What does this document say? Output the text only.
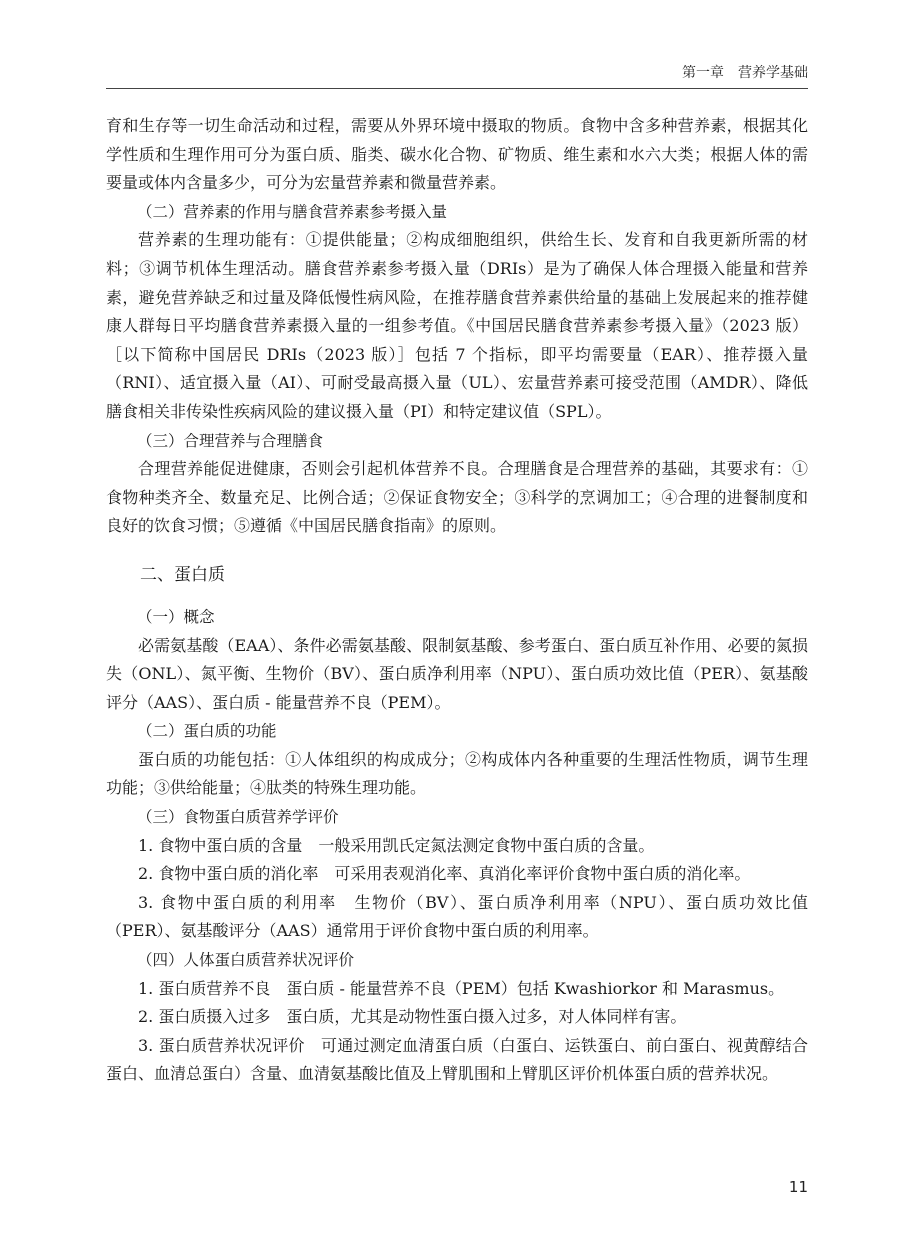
第一章　营养学基础

育和生存等一切生命活动和过程，需要从外界环境中摄取的物质。食物中含多种营养素，根据其化学性质和生理作用可分为蛋白质、脂类、碳水化合物、矿物质、维生素和水六大类；根据人体的需要量或体内含量多少，可分为宏量营养素和微量营养素。

（二）营养素的作用与膳食营养素参考摄入量

营养素的生理功能有：①提供能量；②构成细胞组织，供给生长、发育和自我更新所需的材料；③调节机体生理活动。膳食营养素参考摄入量（DRIs）是为了确保人体合理摄入能量和营养素，避免营养缺乏和过量及降低慢性病风险，在推荐膳食营养素供给量的基础上发展起来的推荐健康人群每日平均膳食营养素摄入量的一组参考值。《中国居民膳食营养素参考摄入量》（2023 版）［以下简称中国居民 DRIs（2023 版）］包括 7 个指标，即平均需要量（EAR）、推荐摄入量（RNI）、适宜摄入量（AI）、可耐受最高摄入量（UL）、宏量营养素可接受范围（AMDR）、降低膳食相关非传染性疾病风险的建议摄入量（PI）和特定建议值（SPL）。

（三）合理营养与合理膳食

合理营养能促进健康，否则会引起机体营养不良。合理膳食是合理营养的基础，其要求有：①食物种类齐全、数量充足、比例合适；②保证食物安全；③科学的烹调加工；④合理的进餐制度和良好的饮食习惯；⑤遵循《中国居民膳食指南》的原则。

二、蛋白质
（一）概念

必需氨基酸（EAA）、条件必需氨基酸、限制氨基酸、参考蛋白、蛋白质互补作用、必要的氮损失（ONL）、氮平衡、生物价（BV）、蛋白质净利用率（NPU）、蛋白质功效比值（PER）、氨基酸评分（AAS）、蛋白质 - 能量营养不良（PEM）。

（二）蛋白质的功能

蛋白质的功能包括：①人体组织的构成成分；②构成体内各种重要的生理活性物质，调节生理功能；③供给能量；④肽类的特殊生理功能。

（三）食物蛋白质营养学评价

1. 食物中蛋白质的含量　一般采用凯氏定氮法测定食物中蛋白质的含量。

2. 食物中蛋白质的消化率　可采用表观消化率、真消化率评价食物中蛋白质的消化率。

3. 食物中蛋白质的利用率　生物价（BV）、蛋白质净利用率（NPU）、蛋白质功效比值（PER）、氨基酸评分（AAS）通常用于评价食物中蛋白质的利用率。

（四）人体蛋白质营养状况评价

1. 蛋白质营养不良　蛋白质 - 能量营养不良（PEM）包括 Kwashiorkor 和 Marasmus。

2. 蛋白质摄入过多　蛋白质，尤其是动物性蛋白摄入过多，对人体同样有害。

3. 蛋白质营养状况评价　可通过测定血清蛋白质（白蛋白、运铁蛋白、前白蛋白、视黄醇结合蛋白、血清总蛋白）含量、血清氨基酸比值及上臂肌围和上臂肌区评价机体蛋白质的营养状况。

11
